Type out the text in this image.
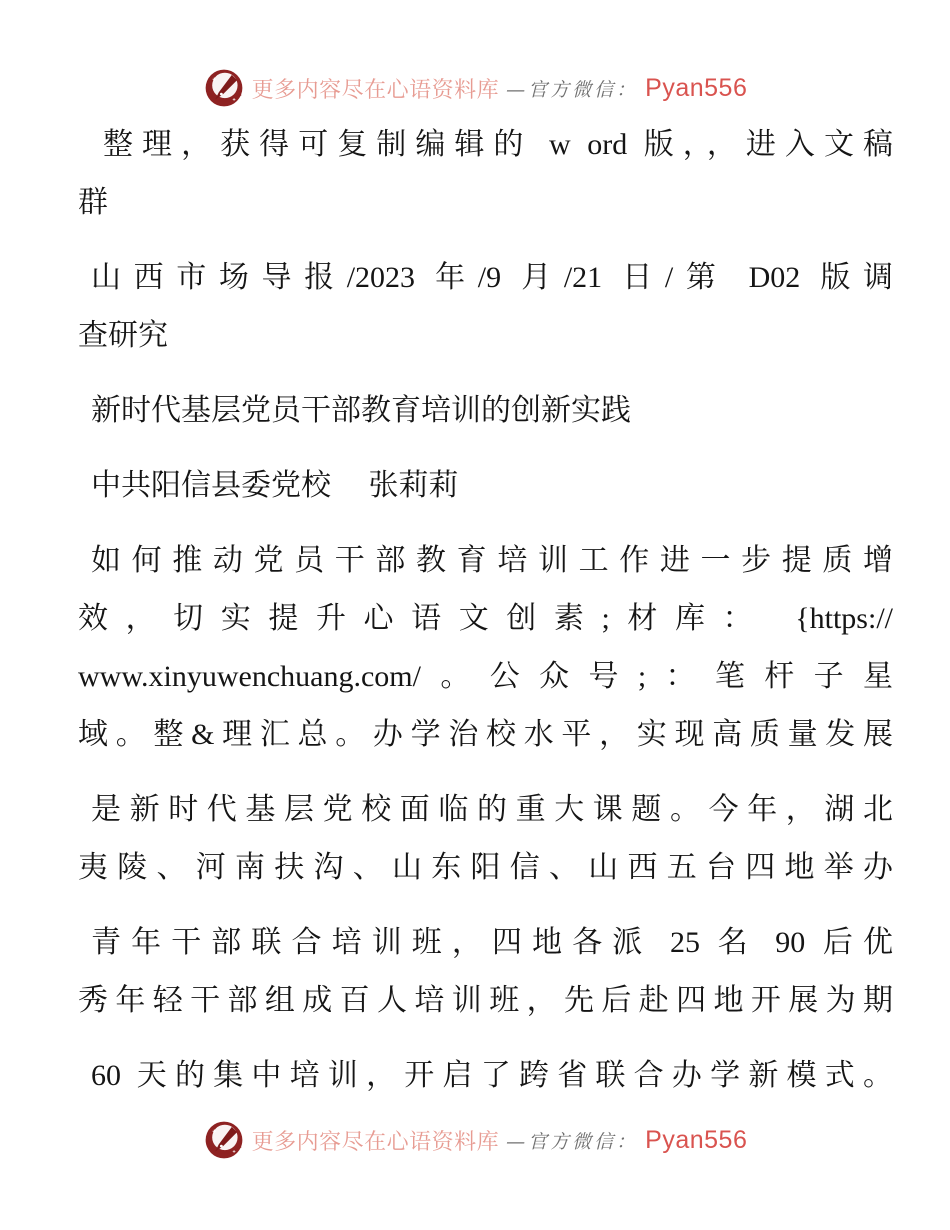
更多内容尽在心语资料库 —官方微信： Pyan556
整理，获得可复制编辑的 w ord 版，，进入文稿
群
山西市场导报/2023 年/9 月/21 日/第 D02 版调
查研究
新时代基层党员干部教育培训的创新实践
中共阳信县委党校　 张莉莉
如何推动党员干部教育培训工作进一步提质增
效，切实提升心语文创素;材库： {https://
www.xinyuwenchuang.com/。公众号;：笔杆子星
域。整&理汇总。办学治校水平，实现高质量发展
是新时代基层党校面临的重大课题。今年，湖北
夷陵、河南扶沟、山东阳信、山西五台四地举办
青年干部联合培训班，四地各派 25 名 90 后优
秀年轻干部组成百人培训班，先后赴四地开展为期
60 天的集中培训，开启了跨省联合办学新模式。
更多内容尽在心语资料库 —官方微信： Pyan556
